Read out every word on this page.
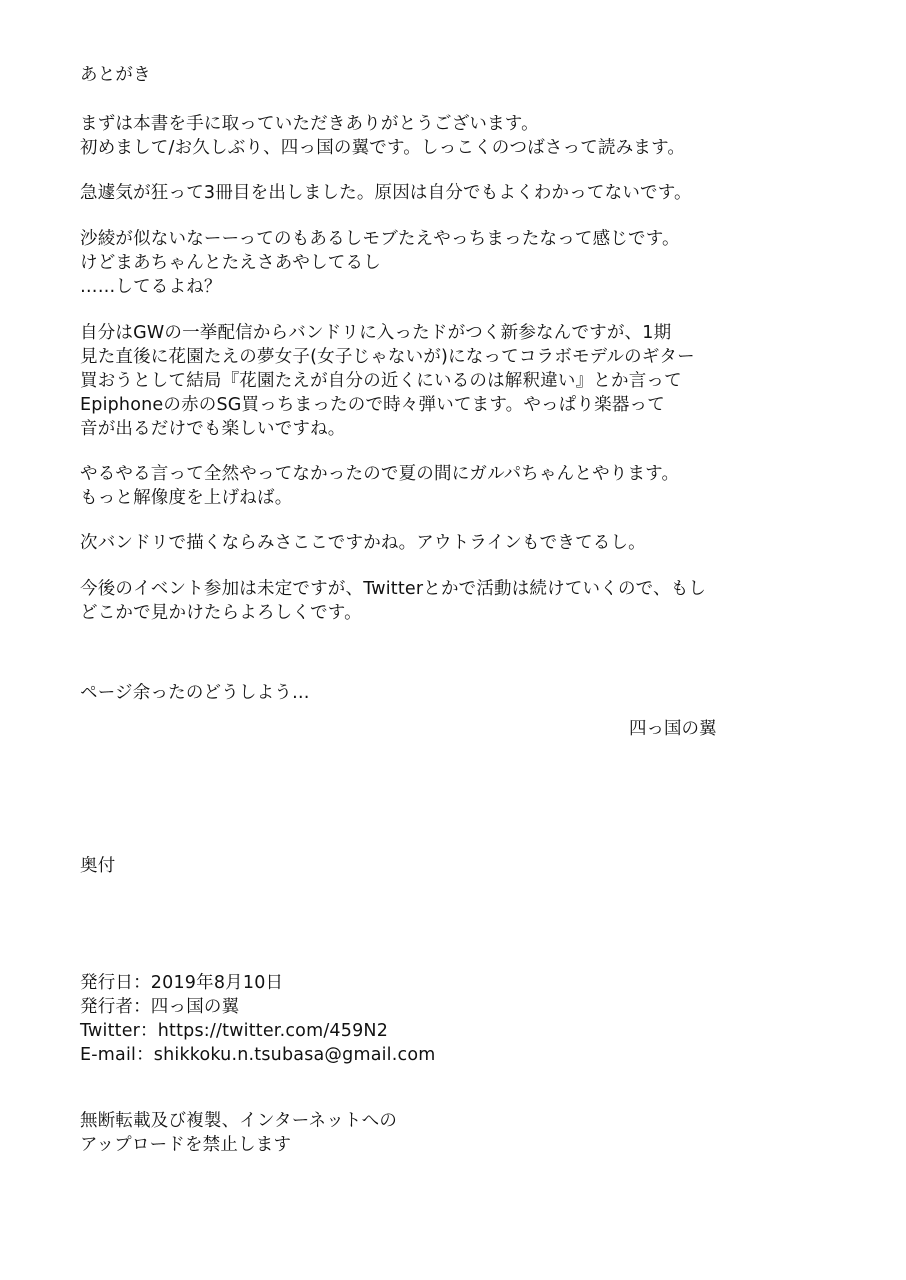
あとがき
まずは本書を手に取っていただきありがとうございます。
初めまして/お久しぶり、四っ国の翼です。しっこくのつばさって読みます。
急遽気が狂って3冊目を出しました。原因は自分でもよくわかってないです。
沙綾が似ないなーーってのもあるしモブたえやっちまったなって感じです。
けどまあちゃんとたえさあやしてるし
……してるよね？
自分はGWの一挙配信からバンドリに入ったドがつく新参なんですが、1期
見た直後に花園たえの夢女子(女子じゃないが)になってコラボモデルのギター
買おうとして結局『花園たえが自分の近くにいるのは解釈違い』とか言って
Epiphoneの赤のSG買っちまったので時々弾いてます。やっぱり楽器って
音が出るだけでも楽しいですね。
やるやる言って全然やってなかったので夏の間にガルパちゃんとやります。
もっと解像度を上げねば。
次バンドリで描くならみさここですかね。アウトラインもできてるし。
今後のイベント参加は未定ですが、Twitterとかで活動は続けていくので、もし
どこかで見かけたらよろしくです。
ページ余ったのどうしよう…
四っ国の翼
奥付
発行日：2019年8月10日
発行者：四っ国の翼
Twitter：https://twitter.com/459N2
E-mail：shikkoku.n.tsubasa@gmail.com
無断転載及び複製、インターネットへの
アップロードを禁止します
